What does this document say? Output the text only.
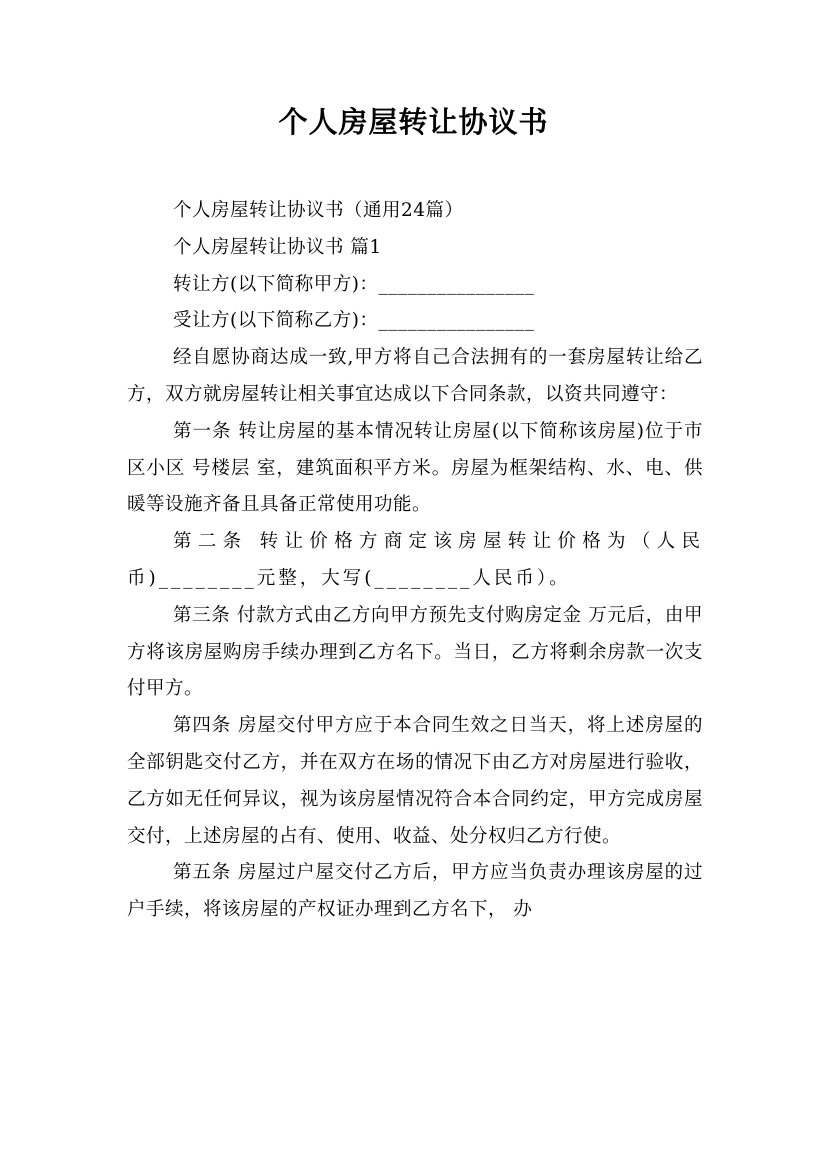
个人房屋转让协议书

个人房屋转让协议书（通用24篇）

个人房屋转让协议书 篇1

转让方(以下简称甲方)：________________

受让方(以下简称乙方)：________________

经自愿协商达成一致,甲方将自己合法拥有的一套房屋转让给乙方，双方就房屋转让相关事宜达成以下合同条款，以资共同遵守：

第一条 转让房屋的基本情况转让房屋(以下简称该房屋)位于市 区小区 号楼层 室，建筑面积平方米。房屋为框架结构、水、电、供暖等设施齐备且具备正常使用功能。

第二条 转让价格方商定该房屋转让价格为（人民币)________元整，大写(________人民币）。

第三条 付款方式由乙方向甲方预先支付购房定金 万元后，由甲方将该房屋购房手续办理到乙方名下。当日，乙方将剩余房款一次支付甲方。

第四条 房屋交付甲方应于本合同生效之日当天，将上述房屋的全部钥匙交付乙方，并在双方在场的情况下由乙方对房屋进行验收，乙方如无任何异议，视为该房屋情况符合本合同约定，甲方完成房屋交付，上述房屋的占有、使用、收益、处分权归乙方行使。

第五条 房屋过户屋交付乙方后，甲方应当负责办理该房屋的过户手续，将该房屋的产权证办理到乙方名下， 办
